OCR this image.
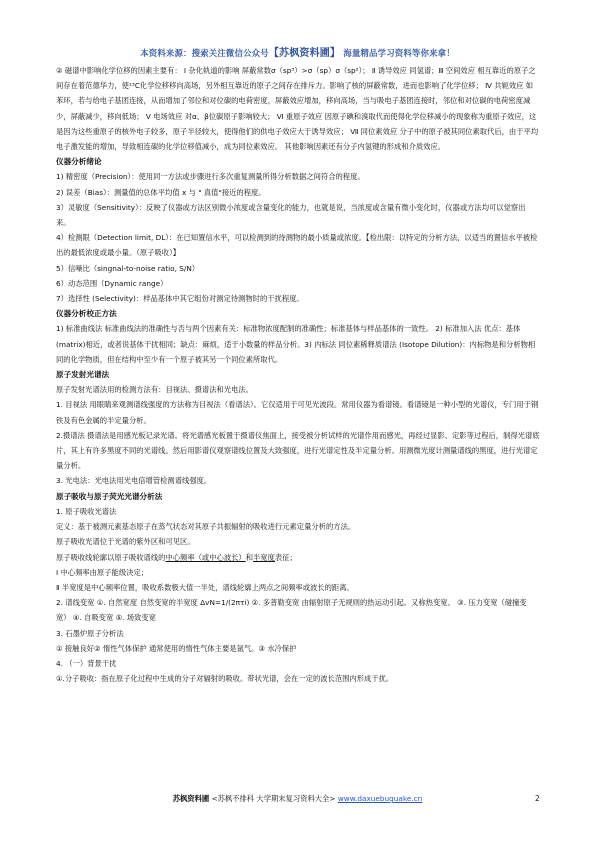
本资料来源：搜索关注微信公众号【苏枫资料圃】 海量精品学习资料等你来拿！

② 磁谱中影响化学位移的因素主要有： Ⅰ 杂化轨道的影响 屏蔽常数σ（sp³）>σ（sp）σ（sp²）； Ⅱ 诱导效应 同氢谱；Ⅲ 空间效应 相互靠近的原子之间存在着范德华力，使¹³C化学位移移向高场，另外相互靠近的原子之间存在排斥力。影响了核的屏蔽常数，进而也影响了化学位移； Ⅳ 共轭效应 如苯环，若与给电子基团连接，从而增加了邻位和对位碳的电荷密度，屏蔽效应增加，移向高场，当与吸电子基团连接时，邻位和对位碳的电荷密度减少，屏蔽减少，移向低场； Ⅴ 电场效应 对α、β位碳原子影响较大； Ⅵ 重原子效应 因原子碘和溴取代而使得化学位移减小的现象称为重原子效应，这是因为这些重原子的核外电子较多，原子半径较大，使得他们的供电子效应大于诱导效应； Ⅶ 同位素效应 分子中的原子被其同位素取代后，由于平均电子激发能的增加，导致相连碳的化学位移值减小，成为同位素效应。 其他影响因素还有分子内氢键的形成和介质效应。

仪器分析绪论

1) 精密度（Precision）：使用同一方法或步骤进行多次重复测量所得分析数据之间符合的程度。

2) 误差（Bias）：测量值的总体平均值 x 与 " 真值"接近的程度。

3）灵敏度（Sensitivity）：反映了仪器或方法区别微小浓度或含量变化的能力，也就是说，当浓度或含量有微小变化时，仪器或方法均可以觉察出来。

4）检测限（Detection limit, DL）：在已知置信水平，可以检测到的待测物的最小质量或浓度。【检出限：以特定的分析方法，以适当的置信水平被检出的最低浓度或最小量。（原子吸收）】

5）信噪比（singnal-to-noise ratio, S/N）

6）动态范围（Dynamic range）

7）选择性 (Selectivity)：样品基体中其它组份对测定待测物时的干扰程度。

仪器分析校正方法

1) 标准曲线法 标准曲线法的准确性与否与两个因素有关：标准物浓度配制的准确性；标准基体与样品基体的一致性。 2) 标准加入法 优点：基体(matrix)相近，或者说基体干扰相同；缺点：麻烦，适于小数量的样品分析。3) 内标法 同位素稀释质谱法 (Isotope Dilution)：内标物是和分析物相同的化学物质，但在结构中至少有一个原子被其另一个同位素所取代。

原子发射光谱法

原子发射光谱法用的检测方法有：目视法、摄谱法和光电法。

1. 目视法 用眼睛来观测谱线强度的方法称为目视法（看谱法）。它仅适用于可见光波段。常用仪器为看谱镜。看谱镜是一种小型的光谱仪，专门用于钢铁及有色金属的半定量分析。

2.摄谱法 摄谱法是用感光板记录光谱。将光谱感光板置于摄谱仪焦面上，接受被分析试样的光谱作用而感光，再经过显影、定影等过程后，制得光谱底片，其上有许多黑度不同的光谱线。然后用影谱仪观察谱线位置及大致强度，进行光谱定性及半定量分析。用测微光度计测量谱线的黑度，进行光谱定量分析。

3. 光电法：光电法用光电倍增管检测谱线强度。

原子吸收与原子荧光光谱分析法

1. 原子吸收光谱法

定义：基于被测元素基态原子在蒸气状态对其原子共振辐射的吸收进行元素定量分析的方法。

原子吸收光谱位于光谱的紫外区和可见区。

原子吸收线轮廓以原子吸收谱线的中心频率（或中心波长）和半宽度表征；

Ⅰ 中心频率由原子能级决定；

Ⅱ 半宽度是中心频率位置，吸收系数极大值一半处，谱线轮廓上两点之间频率或波长的距离。

2. 谱线变宽 ①. 自然宽度 自然变宽的半宽度 ΔvN=1/(2πτi) ②. 多普勒变宽 由辐射原子无规则的热运动引起。又称热变宽。 ③. 压力变宽（碰撞变宽） ④. 自吸变宽 ⑤. 场致变宽

3. 石墨炉原子分析法

① 接触良好② 惰性气体保护 通常使用的惰性气体主要是氩气。③ 水冷保护

4. （一）背景干扰

①.分子吸收：指在原子化过程中生成的分子对辐射的吸收。带状光谱，会在一定的波长范围内形成干扰。

苏枫资料圃 <苏枫不排科 大学期末复习资料大全> www.daxuebuguake.cn	2
